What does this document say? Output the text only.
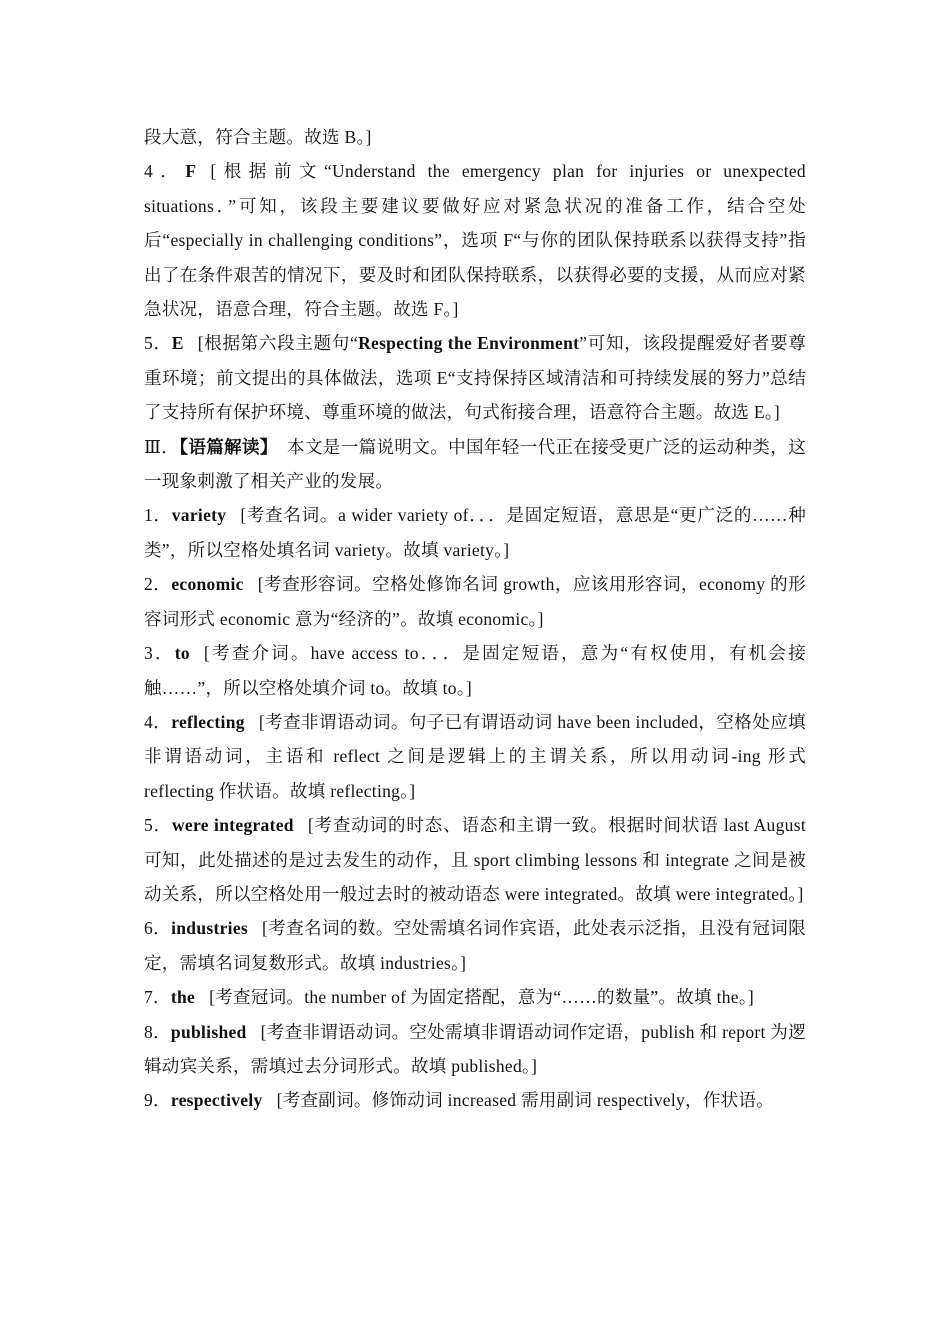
段大意，符合主题。故选 B。]

4．F [根据前文“Understand the emergency plan for injuries or unexpected situations．”可知，该段主要建议要做好应对紧急状况的准备工作，结合空处后“especially in challenging conditions”，选项 F“与你的团队保持联系以获得支持”指出了在条件艰苦的情况下，要及时和团队保持联系，以获得必要的支援，从而应对紧急状况，语意合理，符合主题。故选 F。]

5．E [根据第六段主题句“Respecting the Environment”可知，该段提醒爱好者要尊重环境；前文提出的具体做法，选项 E“支持保持区域清洁和可持续发展的努力”总结了支持所有保护环境、尊重环境的做法，句式衔接合理，语意符合主题。故选 E。]

Ⅲ．【语篇解读】　本文是一篇说明文。中国年轻一代正在接受更广泛的运动种类，这一现象刺激了相关产业的发展。

1．variety [考查名词。a wider variety of．．．是固定短语，意思是“更广泛的……种类”，所以空格处填名词 variety。故填 variety。]

2．economic [考查形容词。空格处修饰名词 growth，应该用形容词，economy 的形容词形式 economic 意为“经济的”。故填 economic。]

3．to [考查介词。have access to．．．是固定短语，意为“有权使用，有机会接触……”，所以空格处填介词 to。故填 to。]

4．reflecting [考查非谓语动词。句子已有谓语动词 have been included，空格处应填非谓语动词，主语和 reflect 之间是逻辑上的主谓关系，所以用动词-ing 形式 reflecting 作状语。故填 reflecting。]

5．were integrated [考查动词的时态、语态和主谓一致。根据时间状语 last August 可知，此处描述的是过去发生的动作，且 sport climbing lessons 和 integrate 之间是被动关系，所以空格处用一般过去时的被动语态 were integrated。故填 were integrated。]

6．industries [考查名词的数。空处需填名词作宾语，此处表示泛指，且没有冠词限定，需填名词复数形式。故填 industries。]

7．the [考查冠词。the number of 为固定搭配，意为“……的数量”。故填 the。]

8．published [考查非谓语动词。空处需填非谓语动词作定语，publish 和 report 为逻辑动宾关系，需填过去分词形式。故填 published。]

9．respectively [考查副词。修饰动词 increased 需用副词 respectively，作状语。
